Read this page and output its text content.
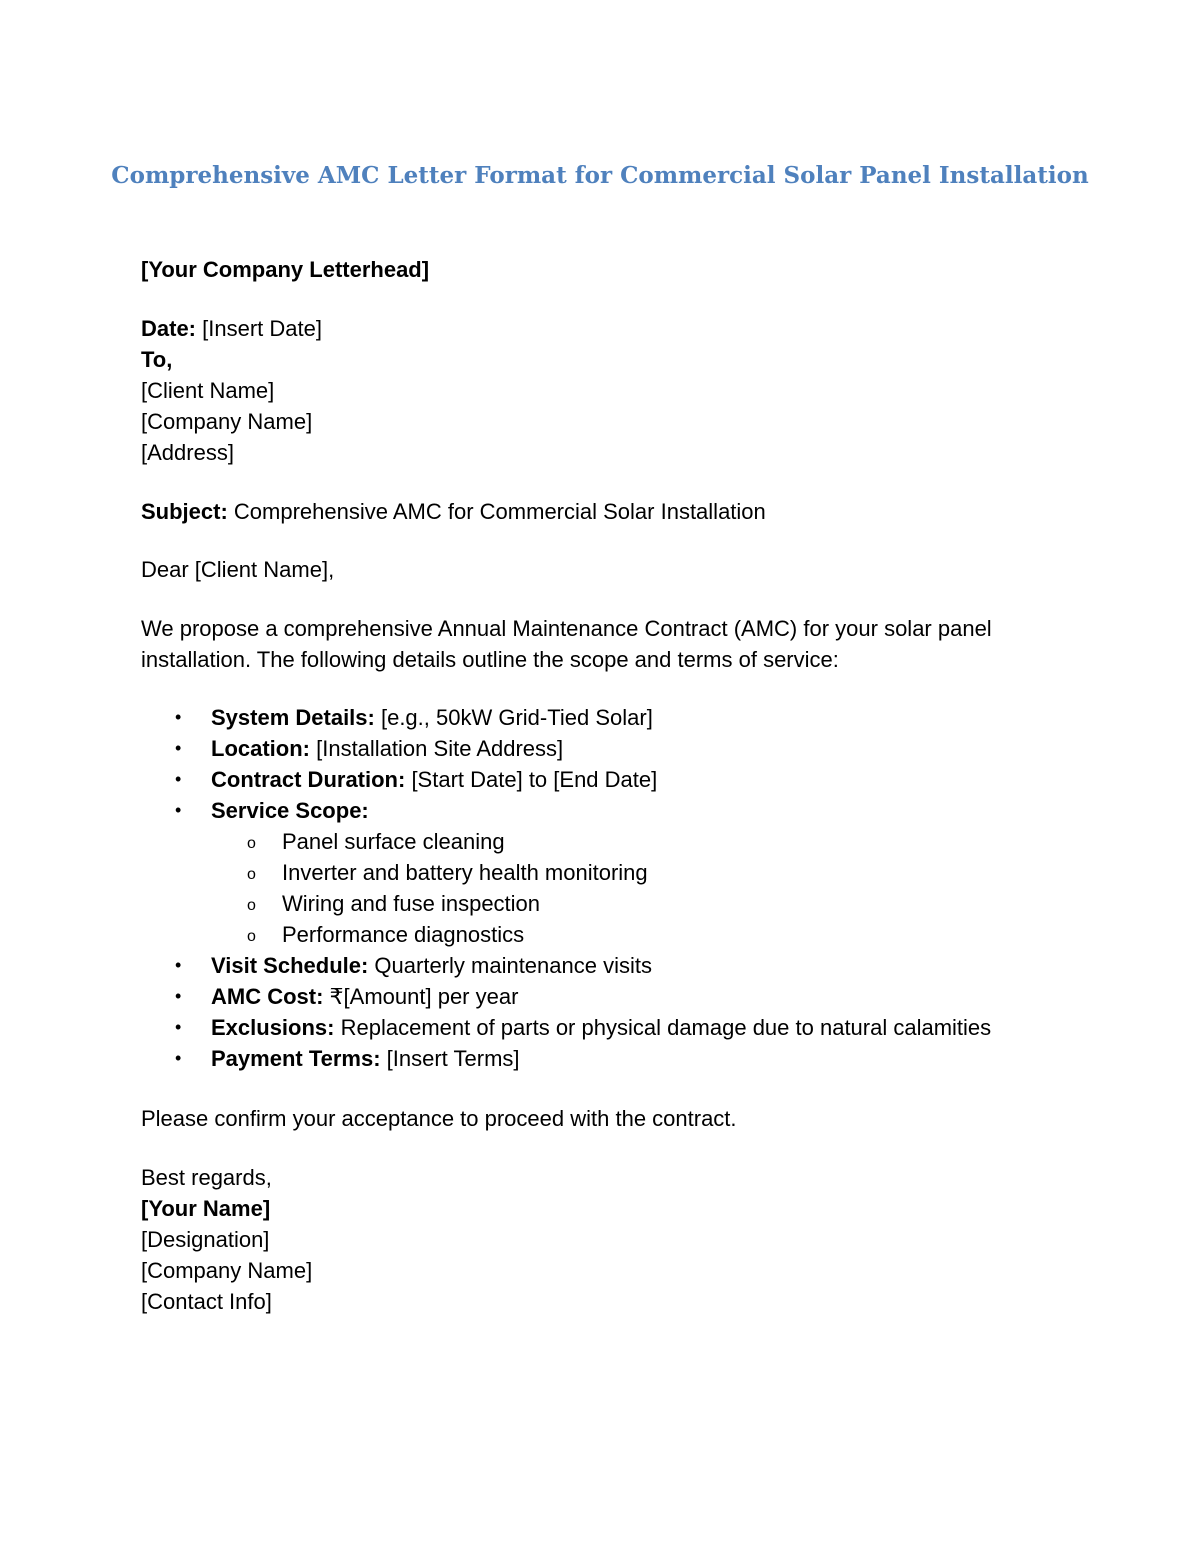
Comprehensive AMC Letter Format for Commercial Solar Panel Installation
[Your Company Letterhead]
Date: [Insert Date]
To,
[Client Name]
[Company Name]
[Address]
Subject: Comprehensive AMC for Commercial Solar Installation
Dear [Client Name],
We propose a comprehensive Annual Maintenance Contract (AMC) for your solar panel
installation. The following details outline the scope and terms of service:
• System Details: [e.g., 50kW Grid-Tied Solar]
• Location: [Installation Site Address]
• Contract Duration: [Start Date] to [End Date]
• Service Scope:
o Panel surface cleaning
o Inverter and battery health monitoring
o Wiring and fuse inspection
o Performance diagnostics
• Visit Schedule: Quarterly maintenance visits
• AMC Cost: ₹[Amount] per year
• Exclusions: Replacement of parts or physical damage due to natural calamities
• Payment Terms: [Insert Terms]
Please confirm your acceptance to proceed with the contract.
Best regards,
[Your Name]
[Designation]
[Company Name]
[Contact Info]
